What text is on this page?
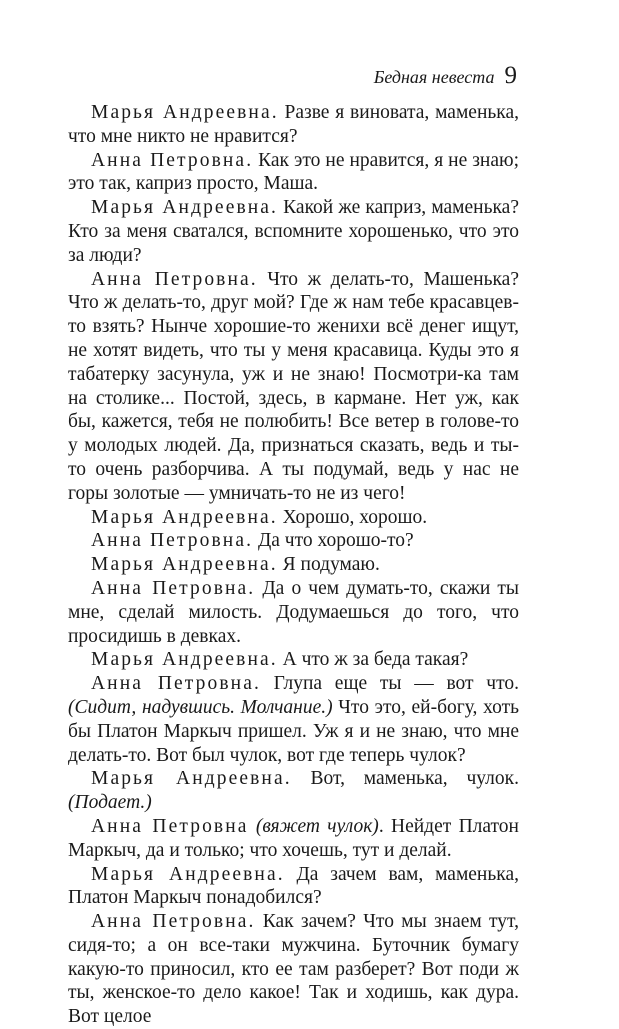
Бедная невеста 9

Марья Андреевна. Разве я виновата, маменька, что мне никто не нравится?

Анна Петровна. Как это не нравится, я не знаю; это так, каприз просто, Маша.

Марья Андреевна. Какой же каприз, маменька? Кто за меня сватался, вспомните хорошенько, что это за люди?

Анна Петровна. Что ж делать-то, Машенька? Что ж делать-то, друг мой? Где ж нам тебе красавцев-то взять? Нынче хорошие-то женихи всё денег ищут, не хотят видеть, что ты у меня красавица. Куды это я табатерку засунула, уж и не знаю! Посмотри-ка там на столике... Постой, здесь, в кармане. Нет уж, как бы, кажется, тебя не полюбить! Все ветер в голове-то у молодых людей. Да, признаться сказать, ведь и ты-то очень разборчива. А ты подумай, ведь у нас не горы золотые — умничать-то не из чего!

Марья Андреевна. Хорошо, хорошо.

Анна Петровна. Да что хорошо-то?

Марья Андреевна. Я подумаю.

Анна Петровна. Да о чем думать-то, скажи ты мне, сделай милость. Додумаешься до того, что просидишь в девках.

Марья Андреевна. А что ж за беда такая?

Анна Петровна. Глупа еще ты — вот что. (Сидит, надувшись. Молчание.) Что это, ей-богу, хоть бы Платон Маркыч пришел. Уж я и не знаю, что мне делать-то. Вот был чулок, вот где теперь чулок?

Марья Андреевна. Вот, маменька, чулок. (Подает.)

Анна Петровна (вяжет чулок). Нейдет Платон Маркыч, да и только; что хочешь, тут и делай.

Марья Андреевна. Да зачем вам, маменька, Платон Маркыч понадобился?

Анна Петровна. Как зачем? Что мы знаем тут, сидя-то; а он все-таки мужчина. Буточник бумагу какую-то приносил, кто ее там разберет? Вот поди ж ты, женское-то дело какое! Так и ходишь, как дура. Вот целое
